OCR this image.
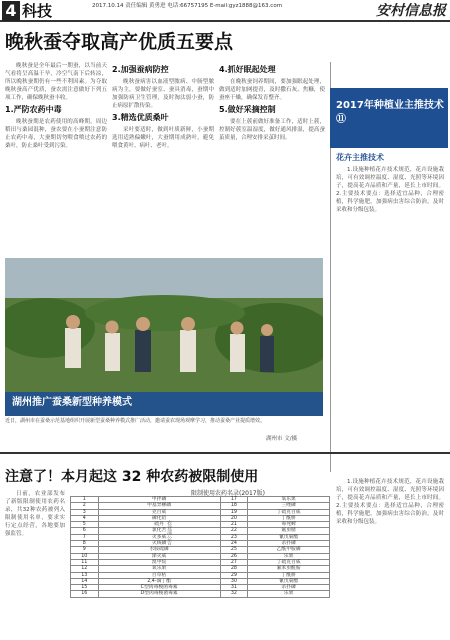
4 科技	2017.10.14 责任编辑 黄勇进 电话:66757195 E-mail:gyz1888@163.com	安村信息报
晚秋蚕夺取高产优质五要点

晚秋蚕是全年最后一期蚕，以当前天气看将呈高温干旱，冷空气南下后转凉，所以晚秋蚕期仍有一些不利因素。为夺取晚秋蚕高产优质，蚕农需注意做好下列五项工作，确保晚秋蚕丰收。

1.严防农药中毒

晚秋蚕期是农药使用的高峰期，周边稻田与桑园混种，蚕农要在小蚕期注意防止农药中毒，大蚕期切勿喂食喷过农药的桑叶，防止桑叶受到污染。

2.加强蚕病防控

晚秋蚕病害以血液型脓病、中肠型脓病为主，要做好蚕室、蚕具消毒，蚕期中加强防病卫生管理，及时淘汰弱小蚕，防止病原扩散传染。

3.精选优质桑叶

采叶要适时，做到叶质新鲜，小蚕期选用适熟偏嫩叶，大蚕期用成熟叶，避免喂食黄叶、病叶、老叶。

4.抓好眠起处理

在晚秋蚕饲养期间，要加强眠起处理，做到适时加网提青，及时撒石灰、焦糠，使蚕座干燥，确保发育整齐。

5.做好采摘控制

要在上蔟前做好准备工作，适时上蔟，控制好蔟室温湿度，做好通风排湿，提高蚕茧质量，合理安排采茧时间。

2017年种植业主推技术⑪
花卉主推技术

1.设施种植花卉技术规范，花卉设施栽培，可有效调控温度、湿度、光照等环境因子，提高花卉品质和产量，延长上市时间。2.主要技术要点：选择适宜品种，合理密植，科学施肥，加强病虫害综合防治，及时采收和分级包装。

湖州推广蚕桑新型种养模式
近日，湖州市在蚕桑示范基地组织开展新型蚕桑种养模式推广活动，邀请蚕农现场观摩学习，推动蚕桑产业提质增效。
湖州市 文/摄
注意了！本月起这 32 种农药被限制使用

日前，农业部发布了新版限制使用农药名录，共32种农药被列入限制使用名单，要求实行定点经营，各地要加强监管。

限制使用农药名录(2017版)
1	甲拌磷	17	氧乐果
2	甲基异柳磷	18	三唑磷
3	克百威	19	丁硫克百威
4	磷化铝	20	丁酰肼
5	硫丹	21	毒死蜱
6	氯化苦	22	氟虫腈
7	灭多威	23	氰戊菊酯
8	灭线磷	24	杀扑磷
9	水胺硫磷	25	乙酰甲胺磷
10	涕灭威	26	乐果
11	溴甲烷	27	丁硫克百威
12	氧乐果	28	氟苯虫酰胺
13	百草枯	29	丁酰肼
14	2,4-滴丁酯	30	氰戊菊酯
15	C型肉毒梭菌毒素	31	杀扑磷
16	D型肉毒梭菌毒素	32	乐果
农业部公告

1.设施种植花卉技术规范，花卉设施栽培，可有效调控温度、湿度、光照等环境因子，提高花卉品质和产量，延长上市时间。2.主要技术要点：选择适宜品种，合理密植，科学施肥，加强病虫害综合防治，及时采收和分级包装。
